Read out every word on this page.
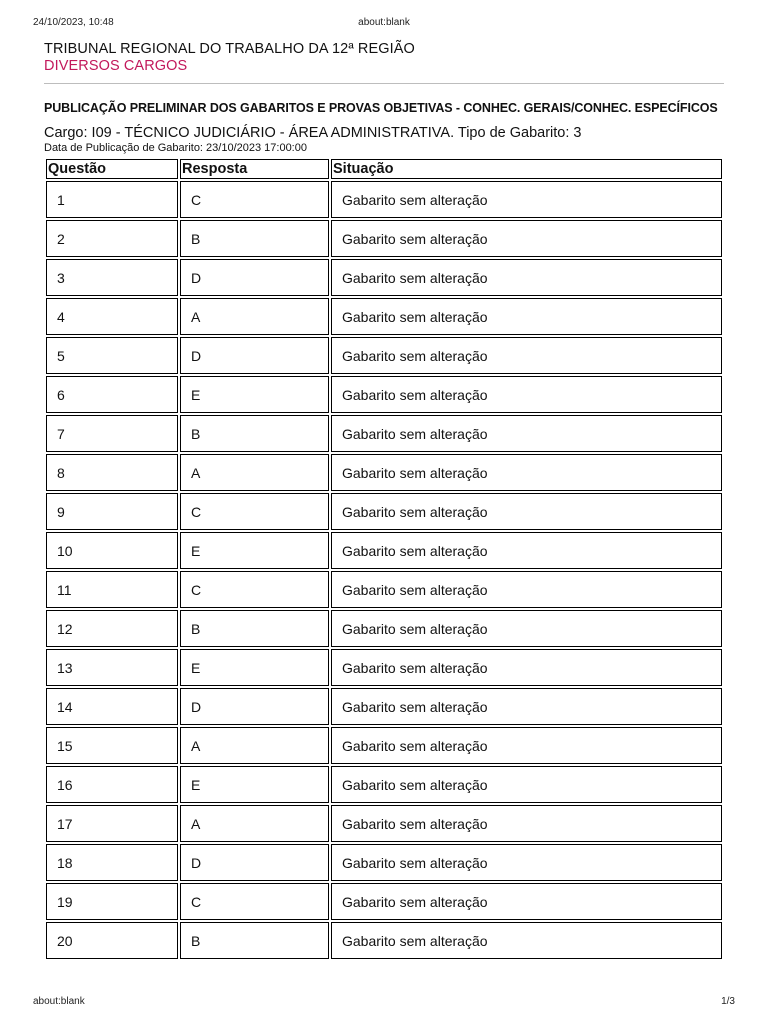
24/10/2023, 10:48	about:blank
TRIBUNAL REGIONAL DO TRABALHO DA 12ª REGIÃO
DIVERSOS CARGOS
PUBLICAÇÃO PRELIMINAR DOS GABARITOS E PROVAS OBJETIVAS - CONHEC. GERAIS/CONHEC. ESPECÍFICOS
Cargo: I09 - TÉCNICO JUDICIÁRIO - ÁREA ADMINISTRATIVA. Tipo de Gabarito: 3
Data de Publicação de Gabarito: 23/10/2023 17:00:00
Questão	Resposta	Situação
1	C	Gabarito sem alteração
2	B	Gabarito sem alteração
3	D	Gabarito sem alteração
4	A	Gabarito sem alteração
5	D	Gabarito sem alteração
6	E	Gabarito sem alteração
7	B	Gabarito sem alteração
8	A	Gabarito sem alteração
9	C	Gabarito sem alteração
10	E	Gabarito sem alteração
11	C	Gabarito sem alteração
12	B	Gabarito sem alteração
13	E	Gabarito sem alteração
14	D	Gabarito sem alteração
15	A	Gabarito sem alteração
16	E	Gabarito sem alteração
17	A	Gabarito sem alteração
18	D	Gabarito sem alteração
19	C	Gabarito sem alteração
20	B	Gabarito sem alteração
about:blank	1/3
